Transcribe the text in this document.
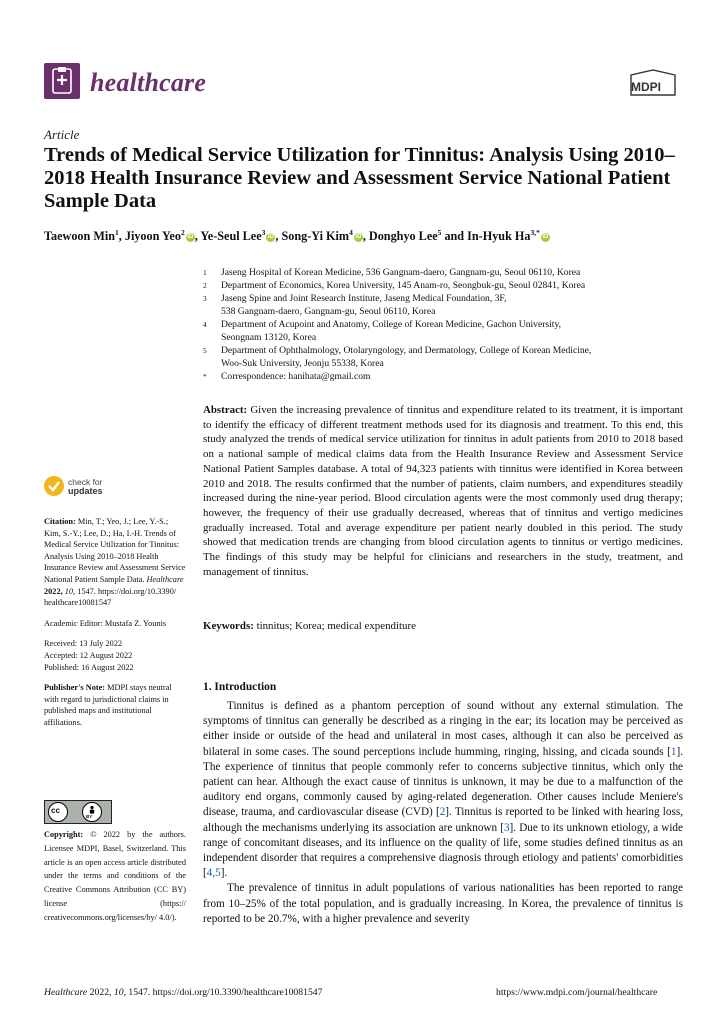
healthcare	MDPI
Article
Trends of Medical Service Utilization for Tinnitus: Analysis Using 2010–2018 Health Insurance Review and Assessment Service National Patient Sample Data
Taewoon Min$^1$, Jiyoon Yeo$^2$iD , Ye-Seul Lee$^3$iD , Song-Yi Kim$^4$iD , Donghyo Lee$^5$ and In-Hyuk $Ha^{3,*}iD$
1	Jaseng Hospital of Korean Medicine, 536 Gangnam-daero, Gangnam-gu, Seoul 06110, Korea
2	Department of Economics, Korea University, 145 Anam-ro, Seongbuk-gu, Seoul 02841, Korea
3	Jaseng Spine and Joint Research Institute, Jaseng Medical Foundation, 3F,
538 Gangnam-daero, Gangnam-gu, Seoul 06110, Korea
4	Department of Acupoint and Anatomy, College of Korean Medicine, Gachon University,
Seongnam 13120, Korea
5	Department of Ophthalmology, Otolaryngology, and Dermatology, College of Korean Medicine,
Woo-Suk University, Jeonju 55338, Korea
*	Correspondence: hanihata@gmail.com
Abstract: Given the increasing prevalence of tinnitus and expenditure related to its treatment, it is important to identify the efficacy of different treatment methods used for its diagnosis and treatment. To this end, this study analyzed the trends of medical service utilization for tinnitus in adult patients from 2010 to 2018 based on a national sample of medical claims data from the Health Insurance Review and Assessment Service National Patient Samples database. A total of 94,323 patients with tinnitus were identified in Korea between 2010 and 2018. The results confirmed that the number of patients, claim numbers, and expenditures steadily increased during the nine-year period. Blood circulation agents were the most commonly used drug therapy; however, the frequency of their use gradually decreased, whereas that of tinnitus and vertigo medicines gradually increased. Total and average expenditure per patient nearly doubled in this period. The study showed that medication trends are changing from blood circulation agents to tinnitus or vertigo medicines. The findings of this study may be helpful for clinicians and researchers in the study, treatment, and management of tinnitus.
Keywords: tinnitus; Korea; medical expenditure
check for
updates
Citation: Min, T.; Yeo, J.; Lee, Y.-S.; Kim, S.-Y.; Lee, D.; Ha, I.-H. Trends of Medical Service Utilization for Tinnitus: Analysis Using 2010–2018 Health Insurance Review and Assessment Service National Patient Sample Data. Healthcare 2022, 10, 1547. https://doi.org/10.3390/ healthcare10081547
Academic Editor: Mustafa Z. Younis
Received: 13 July 2022
Accepted: 12 August 2022
Published: 16 August 2022
Publisher's Note: MDPI stays neutral with regard to jurisdictional claims in published maps and institutional affiliations.
cc
BY
Copyright: © 2022 by the authors. Licensee MDPI, Basel, Switzerland. This article is an open access article distributed under the terms and conditions of the Creative Commons Attribution (CC BY) license (https:// creativecommons.org/licenses/by/ 4.0/).
1. Introduction

Tinnitus is defined as a phantom perception of sound without any external stimulation. The symptoms of tinnitus can generally be described as a ringing in the ear; its location may be perceived as either inside or outside of the head and unilateral in most cases, although it can also be perceived as bilateral in some cases. The sound perceptions include humming, ringing, hissing, and cicada sounds [1]. The experience of tinnitus that people commonly refer to concerns subjective tinnitus, which only the patient can hear. Although the exact cause of tinnitus is unknown, it may be due to a malfunction of the auditory end organs, commonly caused by aging-related degeneration. Other causes include Meniere's disease, trauma, and cardiovascular disease (CVD) [2]. Tinnitus is reported to be linked with hearing loss, although the mechanisms underlying its association are unknown [3]. Due to its unknown etiology, a wide range of concomitant diseases, and its influence on the quality of life, some studies defined tinnitus as an independent disorder that requires a comprehensive diagnosis through etiology and patients' comorbidities [4,5].

The prevalence of tinnitus in adult populations of various nationalities has been reported to range from 10–25% of the total population, and is gradually increasing. In Korea, the prevalence of tinnitus is reported to be 20.7%, with a higher prevalence and severity

Healthcare 2022, 10, 1547. https://doi.org/10.3390/healthcare10081547	https://www.mdpi.com/journal/healthcare
